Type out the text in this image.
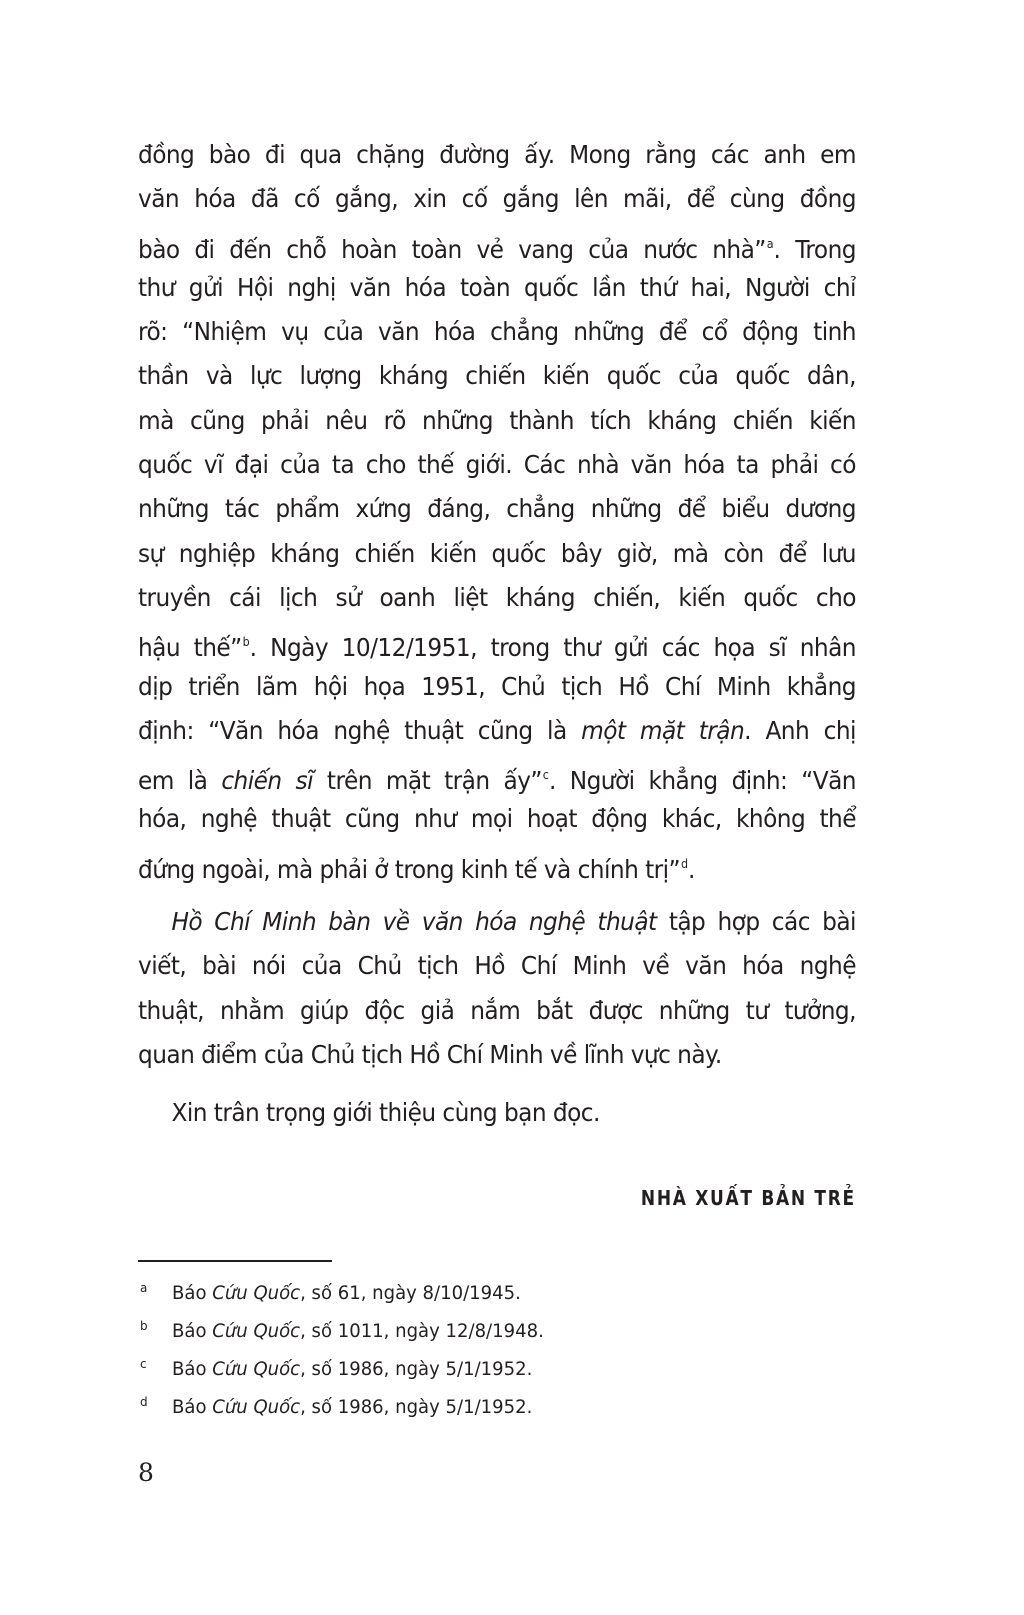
đồng bào đi qua chặng đường ấy. Mong rằng các anh em
văn hóa đã cố gắng, xin cố gắng lên mãi, để cùng đồng
bào đi đến chỗ hoàn toàn vẻ vang của nước nhà”$^a$. Trong
thư gửi Hội nghị văn hóa toàn quốc lần thứ hai, Người chỉ
rõ: “Nhiệm vụ của văn hóa chẳng những để cổ động tinh
thần và lực lượng kháng chiến kiến quốc của quốc dân,
mà cũng phải nêu rõ những thành tích kháng chiến kiến
quốc vĩ đại của ta cho thế giới. Các nhà văn hóa ta phải có
những tác phẩm xứng đáng, chẳng những để biểu dương
sự nghiệp kháng chiến kiến quốc bây giờ, mà còn để lưu
truyền cái lịch sử oanh liệt kháng chiến, kiến quốc cho
hậu thế”$^b$. Ngày 10/12/1951, trong thư gửi các họa sĩ nhân
dịp triển lãm hội họa 1951, Chủ tịch Hồ Chí Minh khẳng
định: “Văn hóa nghệ thuật cũng là một mặt trận. Anh chị
em là chiến sĩ trên mặt trận ấy”$^c$. Người khẳng định: “Văn
hóa, nghệ thuật cũng như mọi hoạt động khác, không thể
đứng ngoài, mà phải ở trong kinh tế và chính trị”$^d$.
Hồ Chí Minh bàn về văn hóa nghệ thuật tập hợp các bài
viết, bài nói của Chủ tịch Hồ Chí Minh về văn hóa nghệ
thuật, nhằm giúp độc giả nắm bắt được những tư tưởng,
quan điểm của Chủ tịch Hồ Chí Minh về lĩnh vực này.
Xin trân trọng giới thiệu cùng bạn đọc.
NHÀ XUẤT BẢN TRẺ
a	Báo Cứu Quốc, số 61, ngày 8/10/1945.
b	Báo Cứu Quốc, số 1011, ngày 12/8/1948.
c	Báo Cứu Quốc, số 1986, ngày 5/1/1952.
d	Báo Cứu Quốc, số 1986, ngày 5/1/1952.
8
